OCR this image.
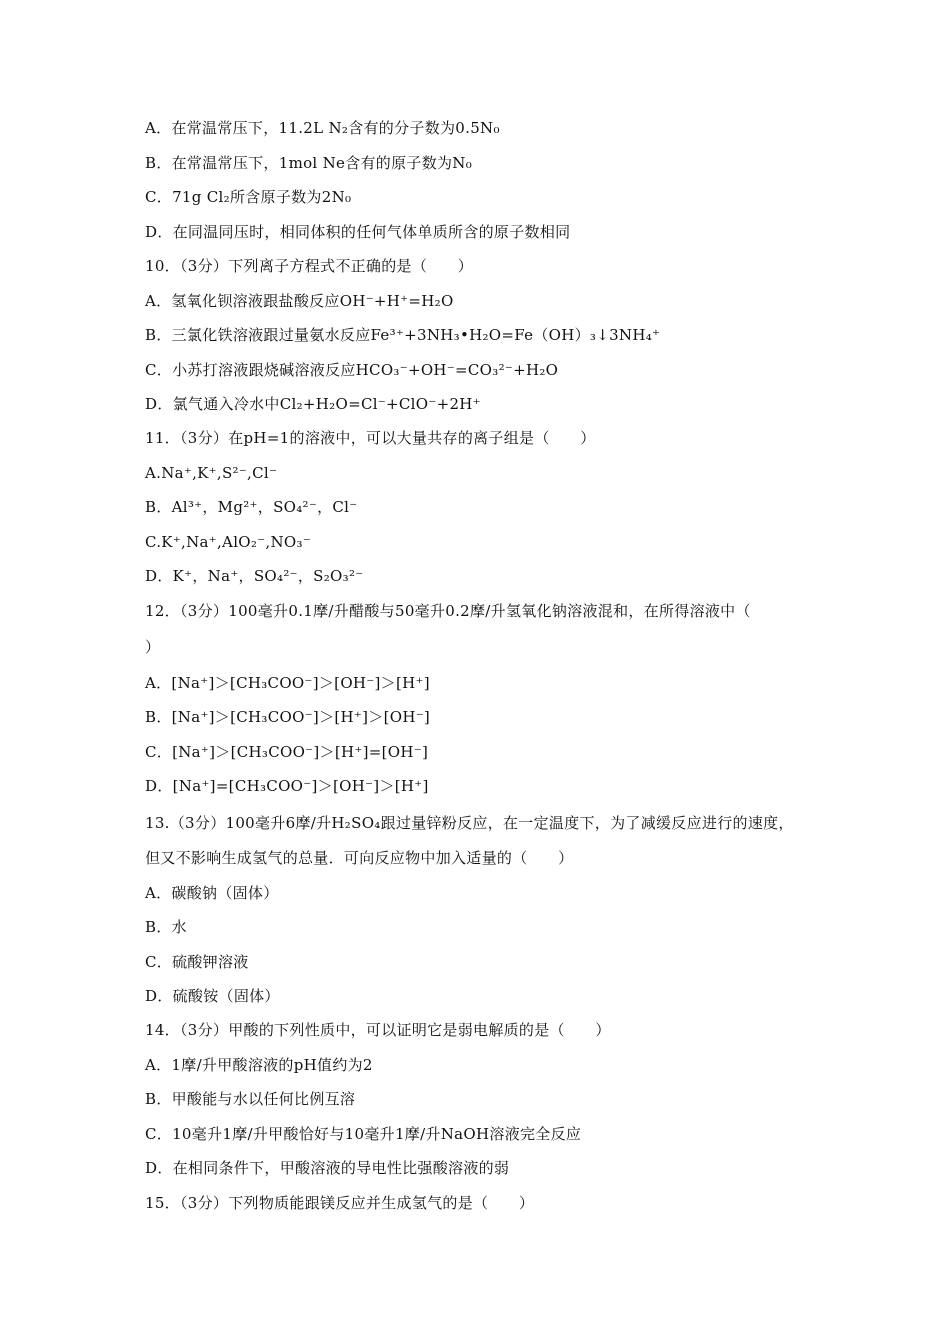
A．在常温常压下，11.2L N₂含有的分子数为0.5N₀
B．在常温常压下，1mol Ne含有的原子数为N₀
C．71g Cl₂所含原子数为2N₀
D．在同温同压时，相同体积的任何气体单质所含的原子数相同
10．（3分）下列离子方程式不正确的是（　　）
A．氢氧化钡溶液跟盐酸反应OH⁻+H⁺=H₂O
B．三氯化铁溶液跟过量氨水反应Fe³⁺+3NH₃•H₂O=Fe（OH）₃↓3NH₄⁺
C．小苏打溶液跟烧碱溶液反应HCO₃⁻+OH⁻=CO₃²⁻+H₂O
D．氯气通入冷水中Cl₂+H₂O=Cl⁻+ClO⁻+2H⁺
11．（3分）在pH=1的溶液中，可以大量共存的离子组是（　　）
A.Na⁺,K⁺,S²⁻,Cl⁻
B．Al³⁺，Mg²⁺，SO₄²⁻，Cl⁻
C.K⁺,Na⁺,AlO₂⁻,NO₃⁻
D．K⁺，Na⁺，SO₄²⁻，S₂O₃²⁻
12．（3分）100毫升0.1摩/升醋酸与50毫升0.2摩/升氢氧化钠溶液混和，在所得溶液中（
）
A．[Na⁺]＞[CH₃COO⁻]＞[OH⁻]＞[H⁺]
B．[Na⁺]＞[CH₃COO⁻]＞[H⁺]＞[OH⁻]
C．[Na⁺]＞[CH₃COO⁻]＞[H⁺]=[OH⁻]
D．[Na⁺]=[CH₃COO⁻]＞[OH⁻]＞[H⁺]
13.（3分）100毫升6摩/升H₂SO₄跟过量锌粉反应，在一定温度下，为了减缓反应进行的速度，
但又不影响生成氢气的总量．可向反应物中加入适量的（　　）
A．碳酸钠（固体）
B．水
C．硫酸钾溶液
D．硫酸铵（固体）
14．（3分）甲酸的下列性质中，可以证明它是弱电解质的是（　　）
A．1摩/升甲酸溶液的pH值约为2
B．甲酸能与水以任何比例互溶
C．10毫升1摩/升甲酸恰好与10毫升1摩/升NaOH溶液完全反应
D．在相同条件下，甲酸溶液的导电性比强酸溶液的弱
15．（3分）下列物质能跟镁反应并生成氢气的是（　　）
